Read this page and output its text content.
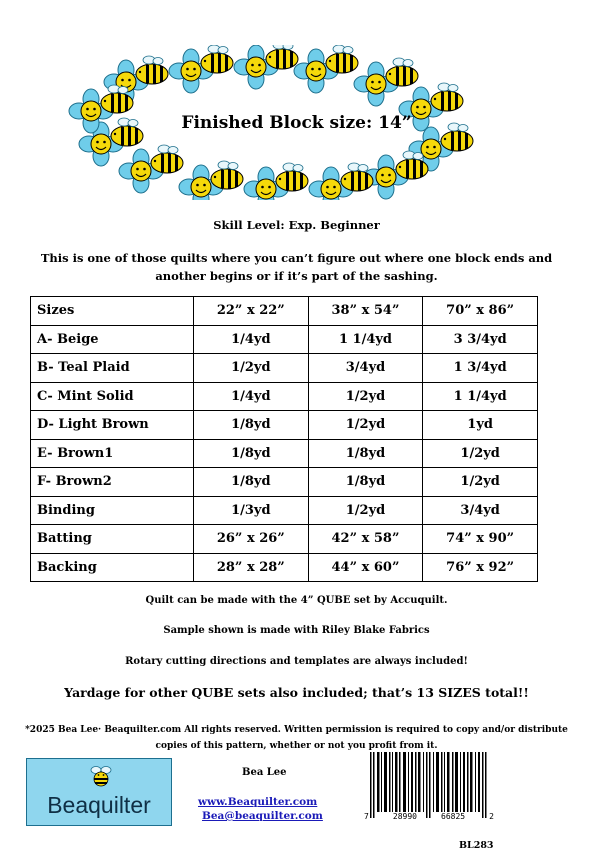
Finished Block size: 14”
Skill Level: Exp. Beginner
This is one of those quilts where you can’t figure out where one block ends and another begins or if it’s part of the sashing.
Sizes	22” x 22”	38” x 54”	70” x 86”
A- Beige	1/4yd	1 1/4yd	3 3/4yd
B- Teal Plaid	1/2yd	3/4yd	1 3/4yd
C- Mint Solid	1/4yd	1/2yd	1 1/4yd
D- Light Brown	1/8yd	1/2yd	1yd
E- Brown1	1/8yd	1/8yd	1/2yd
F- Brown2	1/8yd	1/8yd	1/2yd
Binding	1/3yd	1/2yd	3/4yd
Batting	26” x 26”	42” x 58”	74” x 90”
Backing	28” x 28”	44” x 60”	76” x 92”
Quilt can be made with the 4” QUBE set by Accuquilt.
Sample shown is made with Riley Blake Fabrics
Rotary cutting directions and templates are always included!
Yardage for other QUBE sets also included; that’s 13 SIZES total!!
*2025 Bea Lee· Beaquilter.com All rights reserved. Written permission is required to copy and/or distribute copies of this pattern, whether or not you profit from it.
Beaquilter
Bea Lee
www.Beaquilter.com
Bea@beaquilter.com	7	28990	66825	2
BL283
